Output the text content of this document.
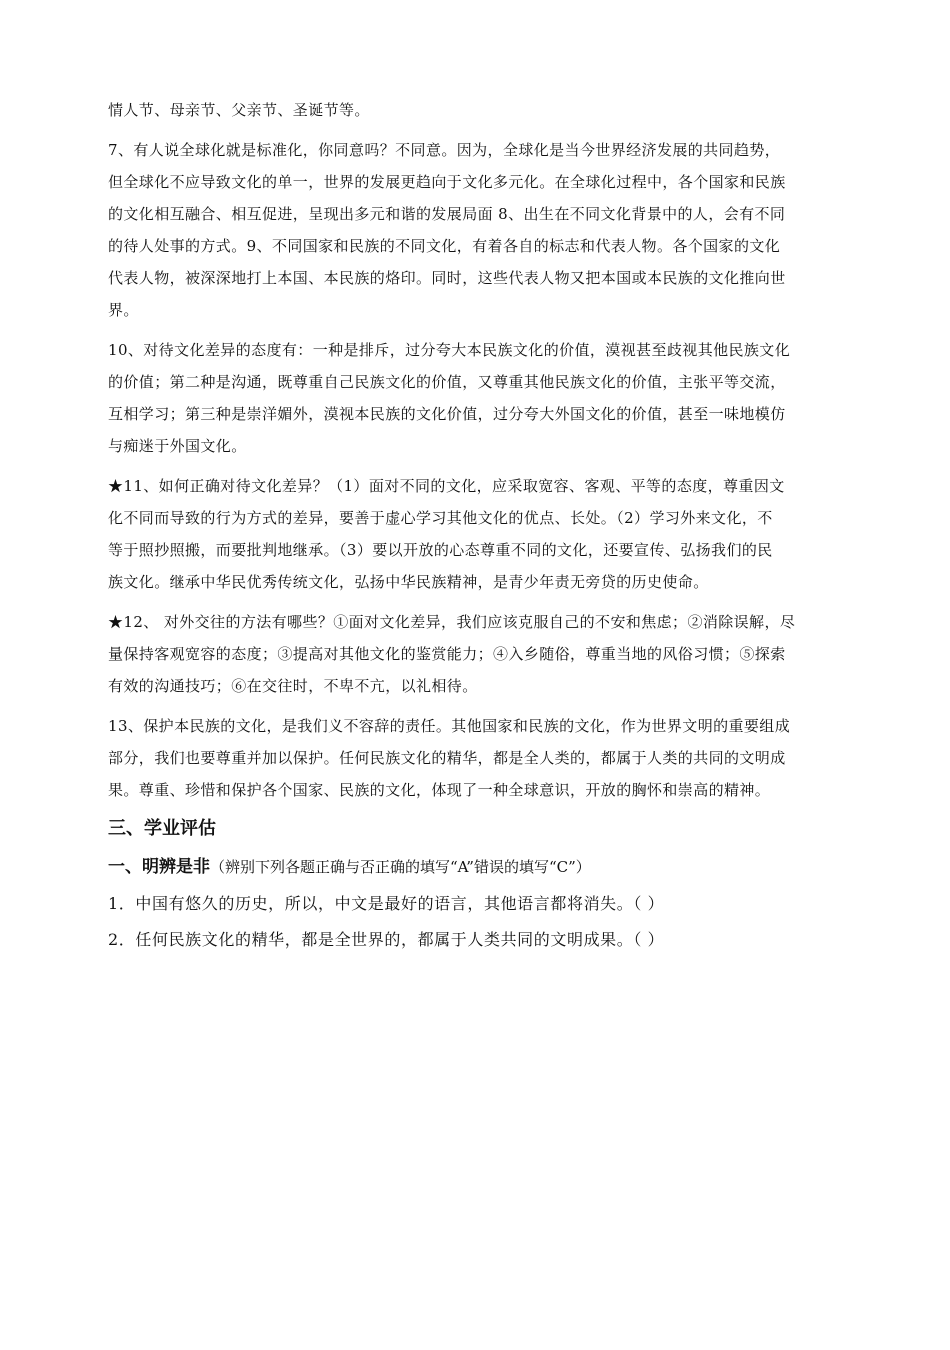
情人节、母亲节、父亲节、圣诞节等。
7、有人说全球化就是标准化，你同意吗？不同意。因为，全球化是当今世界经济发展的共同趋势，
但全球化不应导致文化的单一，世界的发展更趋向于文化多元化。在全球化过程中，各个国家和民族
的文化相互融合、相互促进，呈现出多元和谐的发展局面 8、出生在不同文化背景中的人，会有不同
的待人处事的方式。9、不同国家和民族的不同文化，有着各自的标志和代表人物。各个国家的文化
代表人物，被深深地打上本国、本民族的烙印。同时，这些代表人物又把本国或本民族的文化推向世
界。
10、对待文化差异的态度有：一种是排斥，过分夸大本民族文化的价值，漠视甚至歧视其他民族文化
的价值；第二种是沟通，既尊重自己民族文化的价值，又尊重其他民族文化的价值，主张平等交流，
互相学习；第三种是崇洋媚外，漠视本民族的文化价值，过分夸大外国文化的价值，甚至一味地模仿
与痴迷于外国文化。
★11、如何正确对待文化差异？（1）面对不同的文化，应采取宽容、客观、平等的态度，尊重因文
化不同而导致的行为方式的差异，要善于虚心学习其他文化的优点、长处。（2）学习外来文化，不
等于照抄照搬，而要批判地继承。（3）要以开放的心态尊重不同的文化，还要宣传、弘扬我们的民
族文化。继承中华民优秀传统文化，弘扬中华民族精神，是青少年责无旁贷的历史使命。
★12、 对外交往的方法有哪些？①面对文化差异，我们应该克服自己的不安和焦虑；②消除误解，尽
量保持客观宽容的态度；③提高对其他文化的鉴赏能力；④入乡随俗，尊重当地的风俗习惯；⑤探索
有效的沟通技巧；⑥在交往时，不卑不亢，以礼相待。
13、保护本民族的文化，是我们义不容辞的责任。其他国家和民族的文化，作为世界文明的重要组成
部分，我们也要尊重并加以保护。任何民族文化的精华，都是全人类的，都属于人类的共同的文明成
果。尊重、珍惜和保护各个国家、民族的文化，体现了一种全球意识，开放的胸怀和崇高的精神。
三、学业评估
一、明辨是非（辨别下列各题正确与否正确的填写“A”错误的填写“C”）
1．中国有悠久的历史，所以，中文是最好的语言，其他语言都将消失。（ ）
2．任何民族文化的精华，都是全世界的，都属于人类共同的文明成果。（ ）
